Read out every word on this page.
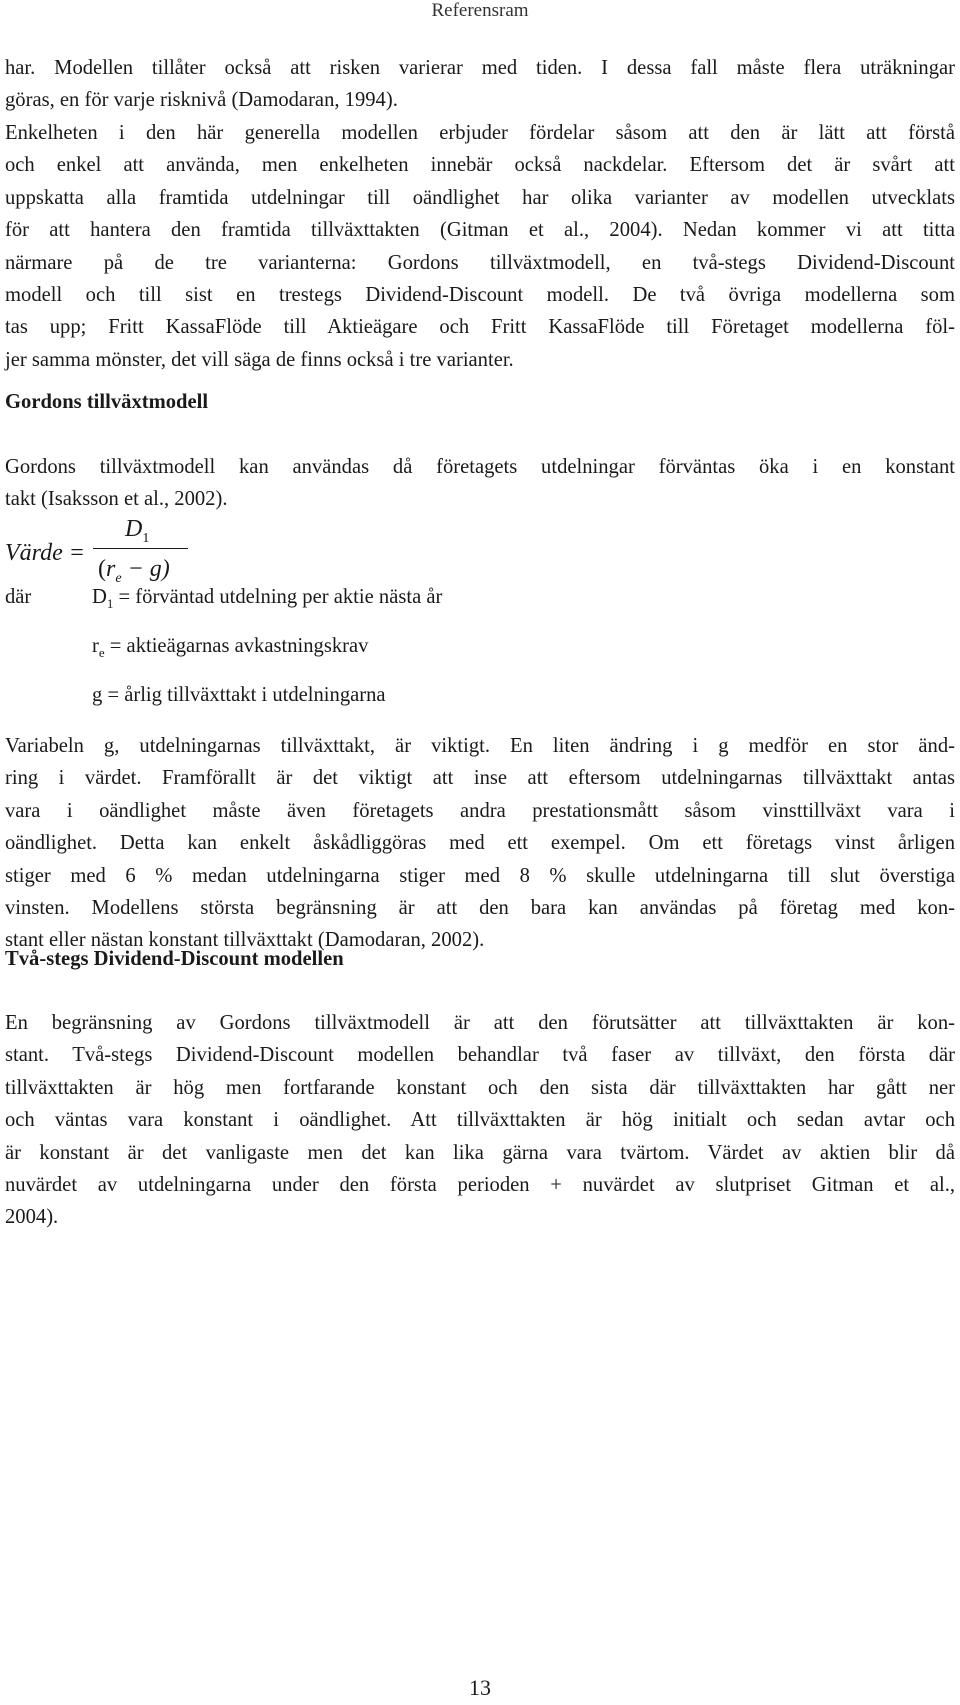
Referensram
har. Modellen tillåter också att risken varierar med tiden. I dessa fall måste flera uträkningar
göras, en för varje risknivå (Damodaran, 1994).
Enkelheten i den här generella modellen erbjuder fördelar såsom att den är lätt att förstå
och enkel att använda, men enkelheten innebär också nackdelar. Eftersom det är svårt att
uppskatta alla framtida utdelningar till oändlighet har olika varianter av modellen utvecklats
för att hantera den framtida tillväxttakten (Gitman et al., 2004). Nedan kommer vi att titta
närmare på de tre varianterna: Gordons tillväxtmodell, en två-stegs Dividend-Discount
modell och till sist en trestegs Dividend-Discount modell. De två övriga modellerna som
tas upp; Fritt KassaFlöde till Aktieägare och Fritt KassaFlöde till Företaget modellerna föl-
jer samma mönster, det vill säga de finns också i tre varianter.
Gordons tillväxtmodell
Gordons tillväxtmodell kan användas då företagets utdelningar förväntas öka i en konstant
takt (Isaksson et al., 2002).
Värde =
$D_1$
$(r_e - g)$
där	$D_1$ = förväntad utdelning per aktie nästa år
$r_e$ = aktieägarnas avkastningskrav
g = årlig tillväxttakt i utdelningarna
Variabeln g, utdelningarnas tillväxttakt, är viktigt. En liten ändring i g medför en stor änd-
ring i värdet. Framförallt är det viktigt att inse att eftersom utdelningarnas tillväxttakt antas
vara i oändlighet måste även företagets andra prestationsmått såsom vinsttillväxt vara i
oändlighet. Detta kan enkelt åskådliggöras med ett exempel. Om ett företags vinst årligen
stiger med 6 % medan utdelningarna stiger med 8 % skulle utdelningarna till slut överstiga
vinsten. Modellens största begränsning är att den bara kan användas på företag med kon-
stant eller nästan konstant tillväxttakt (Damodaran, 2002).
Två-stegs Dividend-Discount modellen
En begränsning av Gordons tillväxtmodell är att den förutsätter att tillväxttakten är kon-
stant. Två-stegs Dividend-Discount modellen behandlar två faser av tillväxt, den första där
tillväxttakten är hög men fortfarande konstant och den sista där tillväxttakten har gått ner
och väntas vara konstant i oändlighet. Att tillväxttakten är hög initialt och sedan avtar och
är konstant är det vanligaste men det kan lika gärna vara tvärtom. Värdet av aktien blir då
nuvärdet av utdelningarna under den första perioden + nuvärdet av slutpriset Gitman et al.,
2004).
13
